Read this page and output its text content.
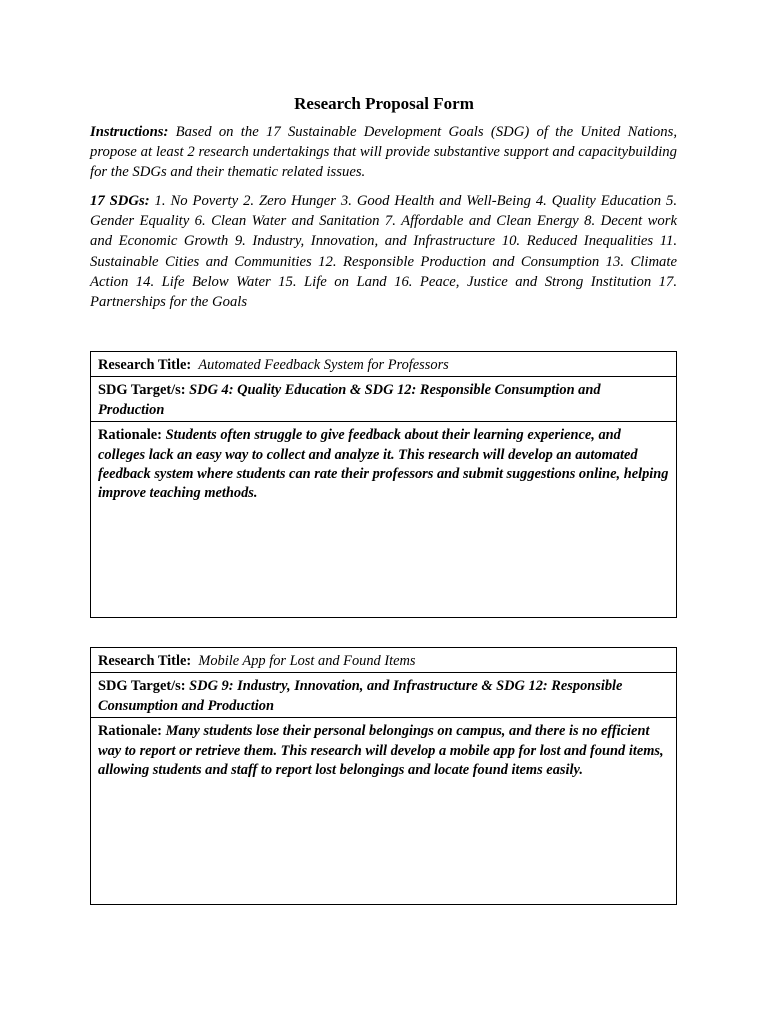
Research Proposal Form
Instructions: Based on the 17 Sustainable Development Goals (SDG) of the United Nations, propose at least 2 research undertakings that will provide substantive support and capacitybuilding for the SDGs and their thematic related issues.
17 SDGs: 1. No Poverty 2. Zero Hunger 3. Good Health and Well-Being 4. Quality Education 5. Gender Equality 6. Clean Water and Sanitation 7. Affordable and Clean Energy 8. Decent work and Economic Growth 9. Industry, Innovation, and Infrastructure 10. Reduced Inequalities 11. Sustainable Cities and Communities 12. Responsible Production and Consumption 13. Climate Action 14. Life Below Water 15. Life on Land 16. Peace, Justice and Strong Institution 17. Partnerships for the Goals
Research Title: Automated Feedback System for Professors
SDG Target/s: SDG 4: Quality Education & SDG 12: Responsible Consumption and Production
Rationale: Students often struggle to give feedback about their learning experience, and colleges lack an easy way to collect and analyze it. This research will develop an automated feedback system where students can rate their professors and submit suggestions online, helping improve teaching methods.
Research Title: Mobile App for Lost and Found Items
SDG Target/s: SDG 9: Industry, Innovation, and Infrastructure & SDG 12: Responsible Consumption and Production
Rationale: Many students lose their personal belongings on campus, and there is no efficient way to report or retrieve them. This research will develop a mobile app for lost and found items, allowing students and staff to report lost belongings and locate found items easily.
